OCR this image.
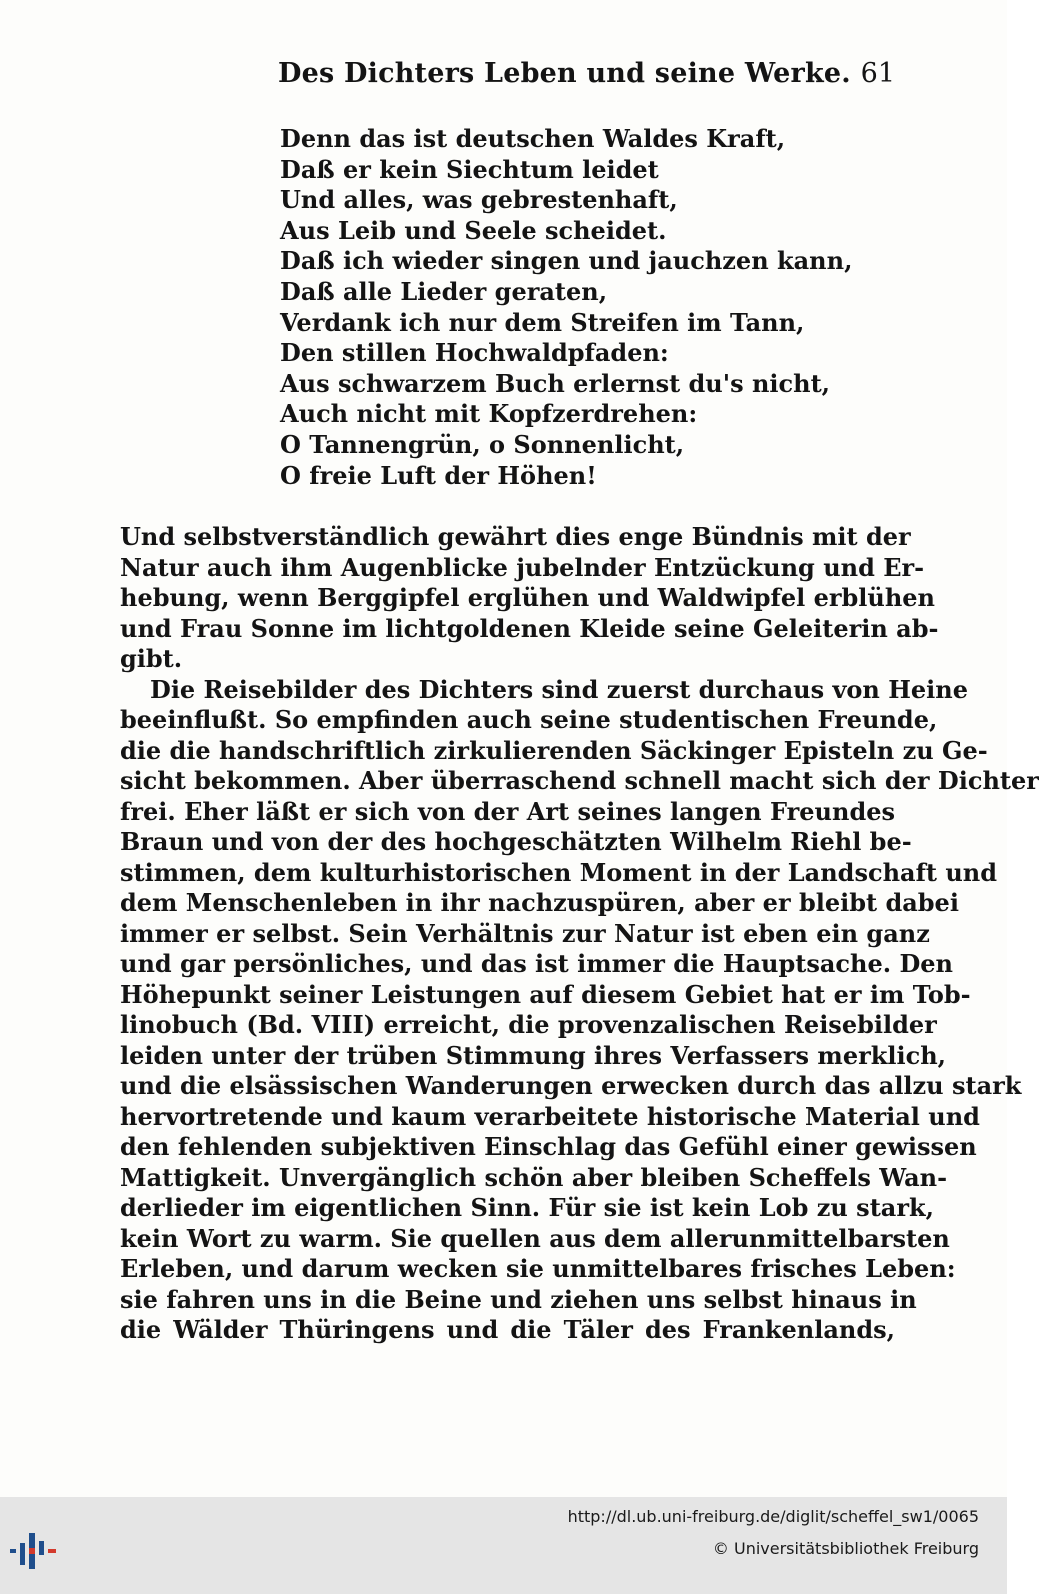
Des Dichters Leben und seine Werke. 61
Denn das ist deutschen Waldes Kraft,
Daß er kein Siechtum leidet
Und alles, was gebrestenhaft,
Aus Leib und Seele scheidet.
Daß ich wieder singen und jauchzen kann,
Daß alle Lieder geraten,
Verdank ich nur dem Streifen im Tann,
Den stillen Hochwaldpfaden:
Aus schwarzem Buch erlernst du's nicht,
Auch nicht mit Kopfzerdrehen:
O Tannengrün, o Sonnenlicht,
O freie Luft der Höhen!
Und selbstverständlich gewährt dies enge Bündnis mit der
Natur auch ihm Augenblicke jubelnder Entzückung und Er-
hebung, wenn Berggipfel erglühen und Waldwipfel erblühen
und Frau Sonne im lichtgoldenen Kleide seine Geleiterin ab-
gibt.
Die Reisebilder des Dichters sind zuerst durchaus von Heine
beeinflußt. So empfinden auch seine studentischen Freunde,
die die handschriftlich zirkulierenden Säckinger Episteln zu Ge-
sicht bekommen. Aber überraschend schnell macht sich der Dichter
frei. Eher läßt er sich von der Art seines langen Freundes
Braun und von der des hochgeschätzten Wilhelm Riehl be-
stimmen, dem kulturhistorischen Moment in der Landschaft und
dem Menschenleben in ihr nachzuspüren, aber er bleibt dabei
immer er selbst. Sein Verhältnis zur Natur ist eben ein ganz
und gar persönliches, und das ist immer die Hauptsache. Den
Höhepunkt seiner Leistungen auf diesem Gebiet hat er im Tob-
linobuch (Bd. VIII) erreicht, die provenzalischen Reisebilder
leiden unter der trüben Stimmung ihres Verfassers merklich,
und die elsässischen Wanderungen erwecken durch das allzu stark
hervortretende und kaum verarbeitete historische Material und
den fehlenden subjektiven Einschlag das Gefühl einer gewissen
Mattigkeit. Unvergänglich schön aber bleiben Scheffels Wan-
derlieder im eigentlichen Sinn. Für sie ist kein Lob zu stark,
kein Wort zu warm. Sie quellen aus dem allerunmittelbarsten
Erleben, und darum wecken sie unmittelbares frisches Leben:
sie fahren uns in die Beine und ziehen uns selbst hinaus in
die Wälder Thüringens und die Täler des Frankenlands,
http://dl.ub.uni-freiburg.de/diglit/scheffel_sw1/0065
© Universitätsbibliothek Freiburg
